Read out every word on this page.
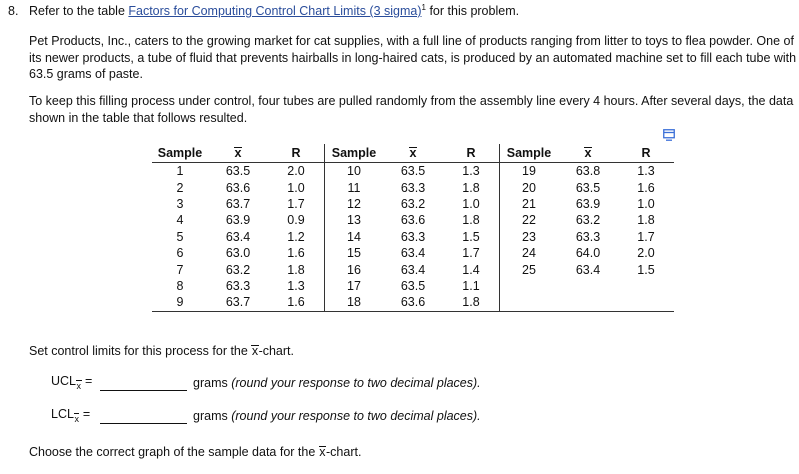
8. Refer to the table Factors for Computing Control Chart Limits (3 sigma)$^1$ for this problem.
Pet Products, Inc., caters to the growing market for cat supplies, with a full line of products ranging from litter to toys to flea powder. One of its newer products, a tube of fluid that prevents hairballs in long-haired cats, is produced by an automated machine set to fill each tube with 63.5 grams of paste.
To keep this filling process under control, four tubes are pulled randomly from the assembly line every 4 hours. After several days, the data shown in the table that follows resulted.
Sample	x	R	Sample	x	R	Sample	x	R
1	63.5	2.0	10	63.5	1.3	19	63.8	1.3
2	63.6	1.0	11	63.3	1.8	20	63.5	1.6
3	63.7	1.7	12	63.2	1.0	21	63.9	1.0
4	63.9	0.9	13	63.6	1.8	22	63.2	1.8
5	63.4	1.2	14	63.3	1.5	23	63.3	1.7
6	63.0	1.6	15	63.4	1.7	24	64.0	2.0
7	63.2	1.8	16	63.4	1.4	25	63.4	1.5
8	63.3	1.3	17	63.5	1.1			
9	63.7	1.6	18	63.6	1.8			
Set control limits for this process for the x-chart.
$UCL_x$ =	grams (round your response to two decimal places).
$LCL_x$ =	grams (round your response to two decimal places).
Choose the correct graph of the sample data for the x-chart.
